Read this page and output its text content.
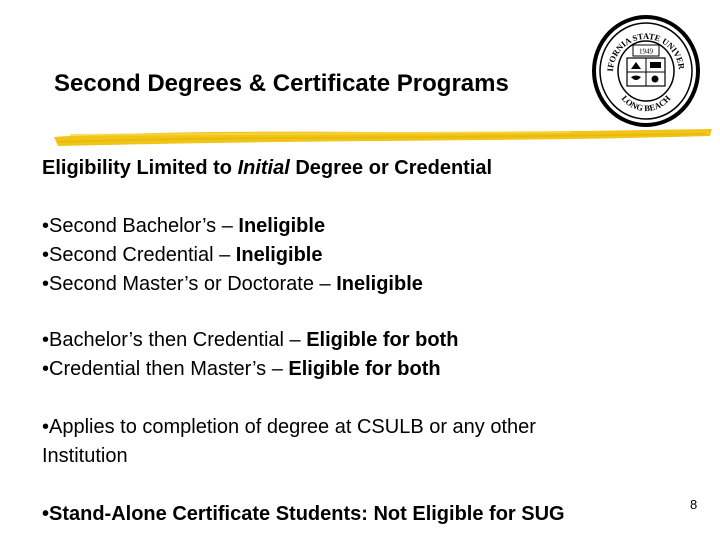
Second Degrees & Certificate Programs
IFORNIA STATE UNIVER
LONG BEACH
1949
Eligibility Limited to Initial Degree or Credential
•Second Bachelor’s – Ineligible
•Second Credential – Ineligible
•Second Master’s or Doctorate – Ineligible
•Bachelor’s then Credential – Eligible for both
•Credential then Master’s – Eligible for both
•Applies to completion of degree at CSULB or any other
Institution
•Stand-Alone Certificate Students: Not Eligible for SUG	8
